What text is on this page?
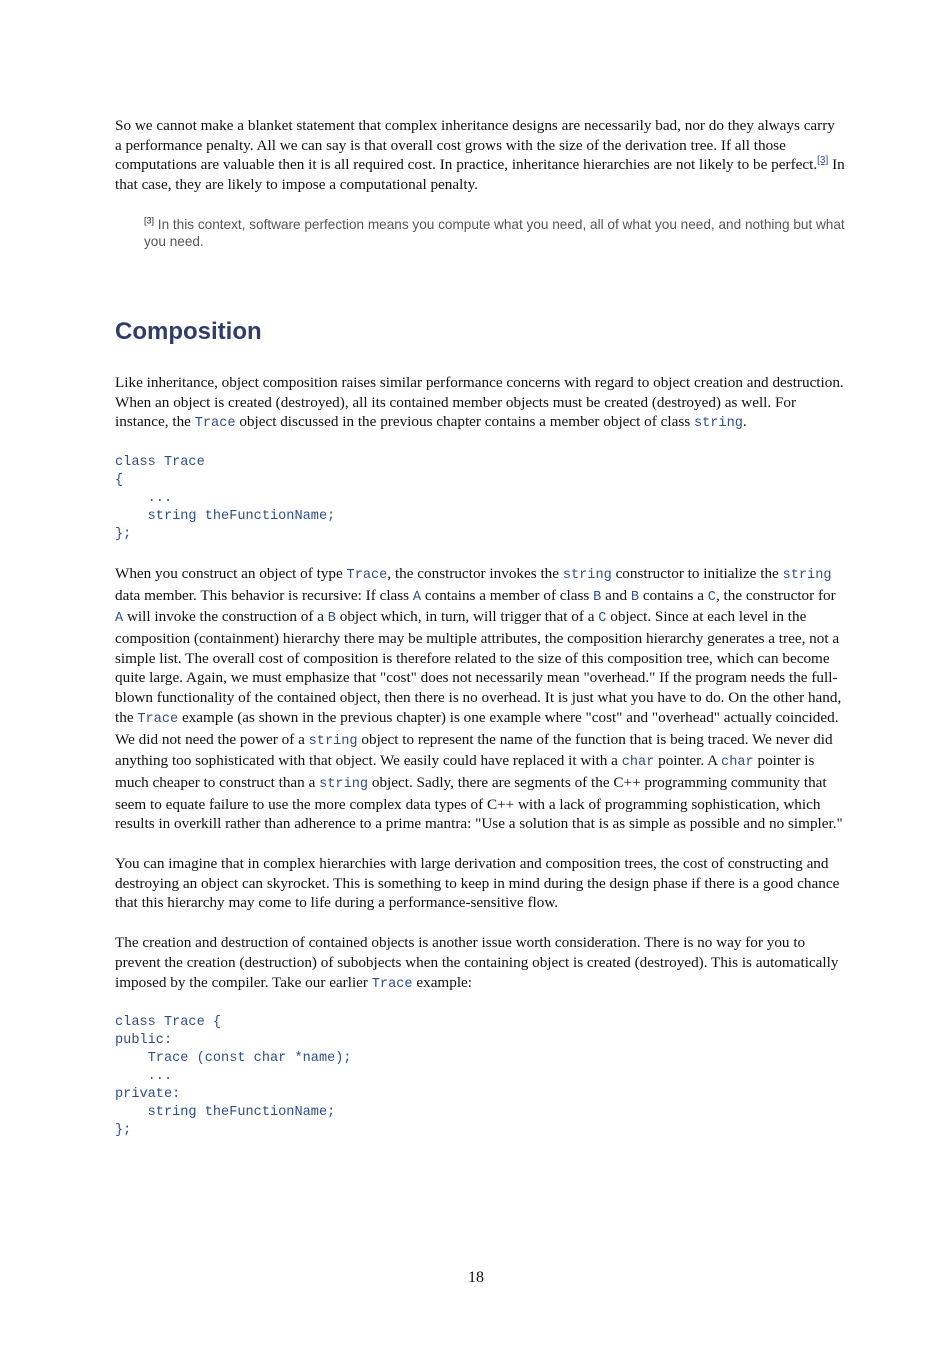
So we cannot make a blanket statement that complex inheritance designs are necessarily bad, nor do they always carry a performance penalty. All we can say is that overall cost grows with the size of the derivation tree. If all those computations are valuable then it is all required cost. In practice, inheritance hierarchies are not likely to be perfect.[3] In that case, they are likely to impose a computational penalty.

[3] In this context, software perfection means you compute what you need, all of what you need, and nothing but what you need.

Composition

Like inheritance, object composition raises similar performance concerns with regard to object creation and destruction. When an object is created (destroyed), all its contained member objects must be created (destroyed) as well. For instance, the Trace object discussed in the previous chapter contains a member object of class string.

class Trace
{
...
string theFunctionName;
};

When you construct an object of type Trace, the constructor invokes the string constructor to initialize the string data member. This behavior is recursive: If class A contains a member of class B and B contains a C, the constructor for A will invoke the construction of a B object which, in turn, will trigger that of a C object. Since at each level in the composition (containment) hierarchy there may be multiple attributes, the composition hierarchy generates a tree, not a simple list. The overall cost of composition is therefore related to the size of this composition tree, which can become quite large. Again, we must emphasize that "cost" does not necessarily mean "overhead." If the program needs the full-blown functionality of the contained object, then there is no overhead. It is just what you have to do. On the other hand, the Trace example (as shown in the previous chapter) is one example where "cost" and "overhead" actually coincided. We did not need the power of a string object to represent the name of the function that is being traced. We never did anything too sophisticated with that object. We easily could have replaced it with a char pointer. A char pointer is much cheaper to construct than a string object. Sadly, there are segments of the C++ programming community that seem to equate failure to use the more complex data types of C++ with a lack of programming sophistication, which results in overkill rather than adherence to a prime mantra: "Use a solution that is as simple as possible and no simpler."

You can imagine that in complex hierarchies with large derivation and composition trees, the cost of constructing and destroying an object can skyrocket. This is something to keep in mind during the design phase if there is a good chance that this hierarchy may come to life during a performance-sensitive flow.

The creation and destruction of contained objects is another issue worth consideration. There is no way for you to prevent the creation (destruction) of subobjects when the containing object is created (destroyed). This is automatically imposed by the compiler. Take our earlier Trace example:

class Trace {
public:
Trace (const char *name);
...
private:
string theFunctionName;
};
18
